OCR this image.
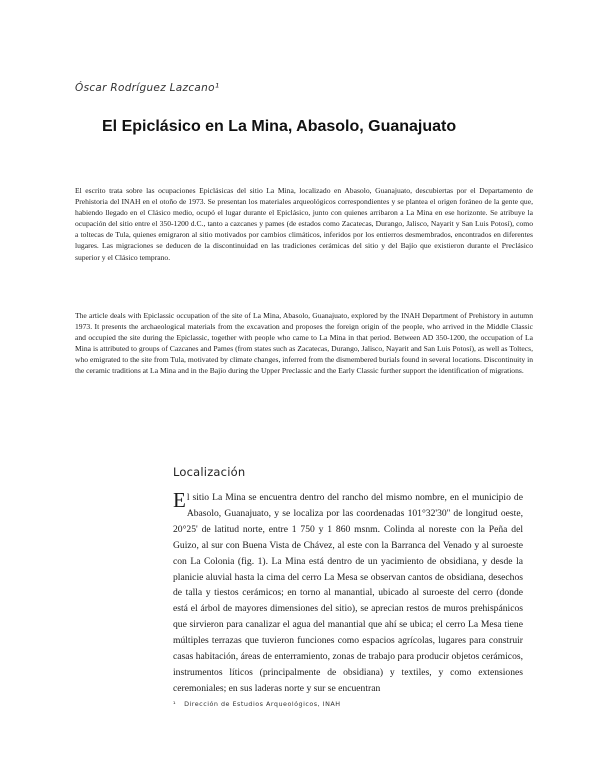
Óscar Rodríguez Lazcano¹
El Epiclásico en La Mina, Abasolo, Guanajuato
El escrito trata sobre las ocupaciones Epiclásicas del sitio La Mina, localizado en Abasolo, Guanajuato, descubiertas por el Departamento de Prehistoria del INAH en el otoño de 1973. Se presentan los materiales arqueológicos correspondientes y se plantea el origen foráneo de la gente que, habiendo llegado en el Clásico medio, ocupó el lugar durante el Epiclásico, junto con quienes arribaron a La Mina en ese horizonte. Se atribuye la ocupación del sitio entre el 350-1200 d.C., tanto a cazcanes y pames (de estados como Zacatecas, Durango, Jalisco, Nayarit y San Luis Potosí), como a toltecas de Tula, quienes emigraron al sitio motivados por cambios climáticos, inferidos por los entierros desmembrados, encontrados en diferentes lugares. Las migraciones se deducen de la discontinuidad en las tradiciones cerámicas del sitio y del Bajío que existieron durante el Preclásico superior y el Clásico temprano.
The article deals with Epiclassic occupation of the site of La Mina, Abasolo, Guanajuato, explored by the INAH Department of Prehistory in autumn 1973. It presents the archaeological materials from the excavation and proposes the foreign origin of the people, who arrived in the Middle Classic and occupied the site during the Epiclassic, together with people who came to La Mina in that period. Between AD 350-1200, the occupation of La Mina is attributed to groups of Cazcanes and Pames (from states such as Zacatecas, Durango, Jalisco, Nayarit and San Luis Potosí), as well as Toltecs, who emigrated to the site from Tula, motivated by climate changes, inferred from the dismembered burials found in several locations. Discontinuity in the ceramic traditions at La Mina and in the Bajío during the Upper Preclassic and the Early Classic further support the identification of migrations.
Localización
El sitio La Mina se encuentra dentro del rancho del mismo nombre, en el municipio de Abasolo, Guanajuato, y se localiza por las coordenadas 101°32'30'' de longitud oeste, 20°25' de latitud norte, entre 1 750 y 1 860 msnm. Colinda al noreste con la Peña del Guizo, al sur con Buena Vista de Chávez, al este con la Barranca del Venado y al suroeste con La Colonia (fig. 1). La Mina está dentro de un yacimiento de obsidiana, y desde la planicie aluvial hasta la cima del cerro La Mesa se observan cantos de obsidiana, desechos de talla y tiestos cerámicos; en torno al manantial, ubicado al suroeste del cerro (donde está el árbol de mayores dimensiones del sitio), se aprecian restos de muros prehispánicos que sirvieron para canalizar el agua del manantial que ahí se ubica; el cerro La Mesa tiene múltiples terrazas que tuvieron funciones como espacios agrícolas, lugares para construir casas habitación, áreas de enterramiento, zonas de trabajo para producir objetos cerámicos, instrumentos líticos (principalmente de obsidiana) y textiles, y como extensiones ceremoniales; en sus laderas norte y sur se encuentran
¹ Dirección de Estudios Arqueológicos, INAH
